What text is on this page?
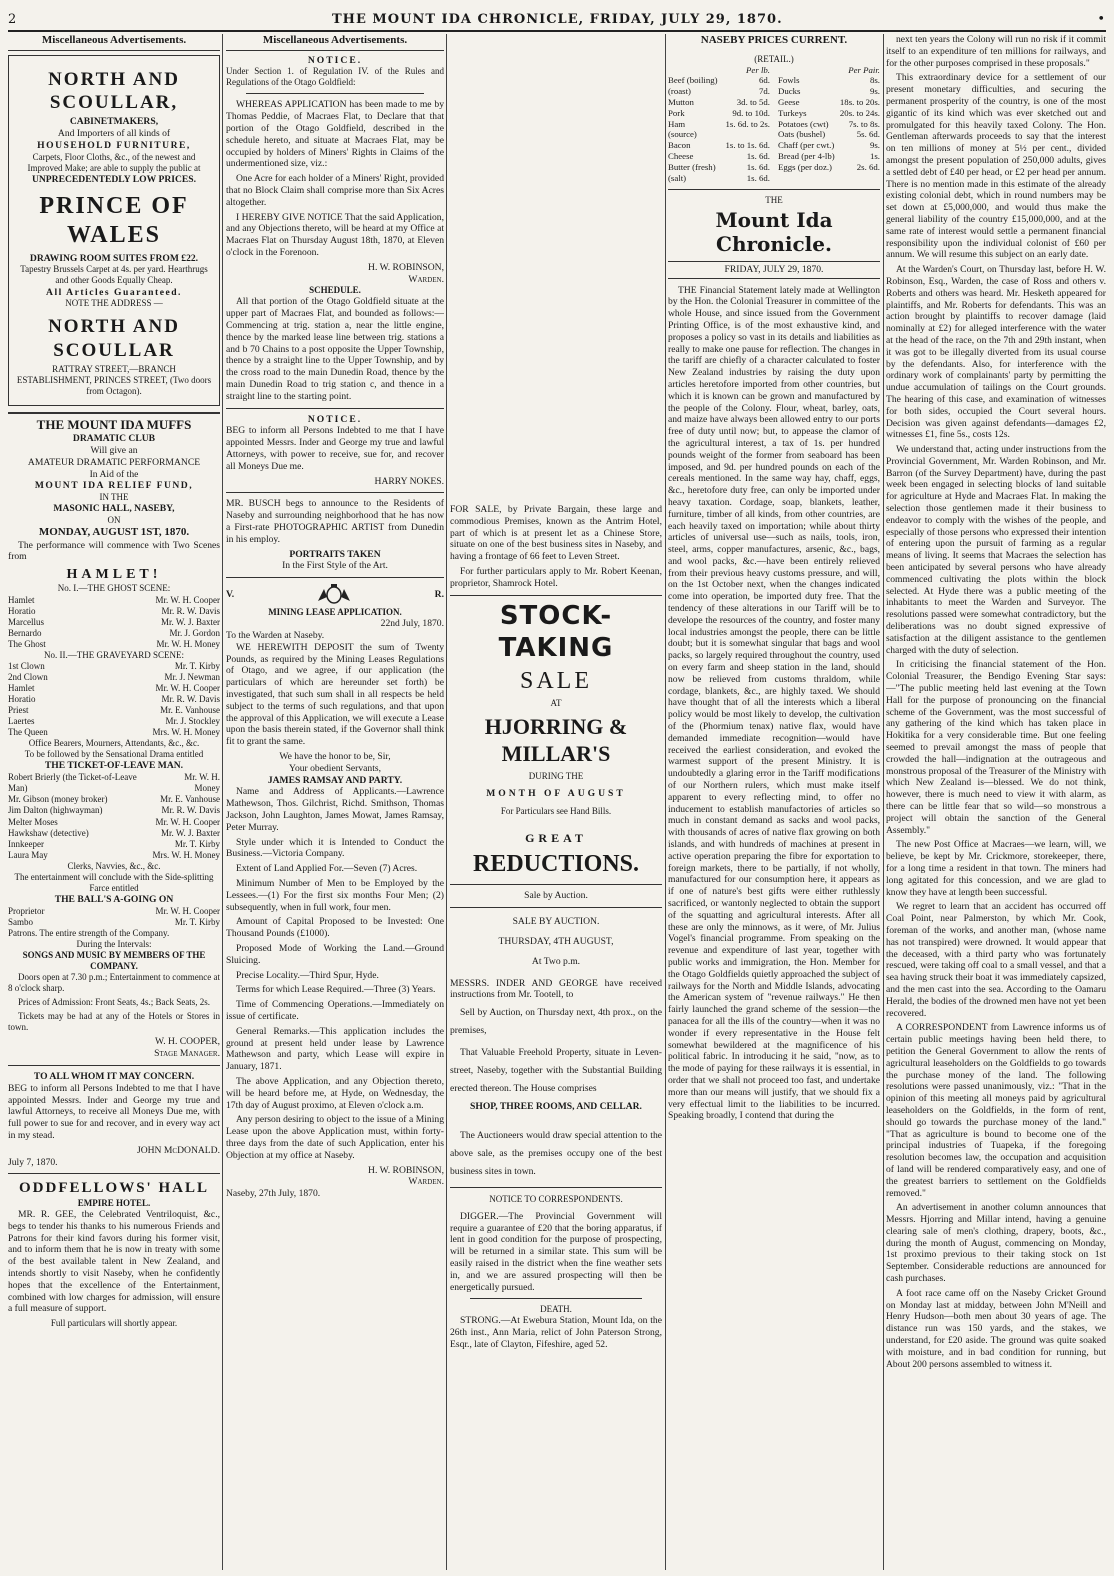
2	THE MOUNT IDA CHRONICLE, FRIDAY, JULY 29, 1870.	•
Miscellaneous Advertisements.
NORTH AND SCOULLAR,
CABINETMAKERS,
And Importers of all kinds of
HOUSEHOLD FURNITURE,
Carpets, Floor Cloths, &c., of the newest and Improved Make; are able to supply the public at
UNPRECEDENTEDLY LOW PRICES.
PRINCE OF WALES
DRAWING ROOM SUITES FROM £22.
Tapestry Brussels Carpet at 4s. per yard. Hearthrugs and other Goods Equally Cheap.
All Articles Guaranteed.
NOTE THE ADDRESS —
NORTH AND SCOULLAR
RATTRAY STREET,—BRANCH ESTABLISHMENT, PRINCES STREET, (Two doors from Octagon).
THE MOUNT IDA MUFFS
DRAMATIC CLUB
Will give an
AMATEUR DRAMATIC PERFORMANCE
In Aid of the
MOUNT IDA RELIEF FUND,
IN THE
MASONIC HALL, NASEBY,
ON
MONDAY, AUGUST 1ST, 1870.

The performance will commence with Two Scenes from

HAMLET!
No. I.—THE GHOST SCENE:
Hamlet	Mr. W. H. Cooper
Horatio	Mr. R. W. Davis
Marcellus	Mr. W. J. Baxter
Bernardo	Mr. J. Gordon
The Ghost	Mr. W. H. Money
No. II.—THE GRAVEYARD SCENE:
1st Clown	Mr. T. Kirby
2nd Clown	Mr. J. Newman
Hamlet	Mr. W. H. Cooper
Horatio	Mr. R. W. Davis
Priest	Mr. E. Vanhouse
Laertes	Mr. J. Stockley
The Queen	Mrs. W. H. Money
Office Bearers, Mourners, Attendants, &c., &c.
To be followed by the Sensational Drama entitled
THE TICKET-OF-LEAVE MAN.
Robert Brierly (the Ticket-of-Leave Man)
Mr. W. H. Money
Mr. Gibson (money broker)	Mr. E. Vanhouse
Jim Dalton (highwayman)	Mr. R. W. Davis
Melter Moses	Mr. W. H. Cooper
Hawkshaw (detective)	Mr. W. J. Baxter
Innkeeper	Mr. T. Kirby
Laura May	Mrs. W. H. Money
Clerks, Navvies, &c., &c.
The entertainment will conclude with the Side-splitting Farce entitled
THE BALL'S A-GOING ON
Proprietor	Mr. W. H. Cooper
Sambo	Mr. T. Kirby
Patrons. The entire strength of the Company.
During the Intervals:
SONGS AND MUSIC BY MEMBERS OF THE COMPANY.

Doors open at 7.30 p.m.; Entertainment to commence at 8 o'clock sharp.

Prices of Admission: Front Seats, 4s.; Back Seats, 2s.

Tickets may be had at any of the Hotels or Stores in town.

W. H. COOPER,
Stage Manager.
TO ALL WHOM IT MAY CONCERN.

BEG to inform all Persons Indebted to me that I have appointed Messrs. Inder and George my true and lawful Attorneys, to receive all Moneys Due me, with full power to sue for and recover, and in every way act in my stead.

JOHN McDONALD.
July 7, 1870.
ODDFELLOWS' HALL
EMPIRE HOTEL.

MR. R. GEE, the Celebrated Ventriloquist, &c., begs to tender his thanks to his numerous Friends and Patrons for their kind favors during his former visit, and to inform them that he is now in treaty with some of the best available talent in New Zealand, and intends shortly to visit Naseby, when he confidently hopes that the excellence of the Entertainment, combined with low charges for admission, will ensure a full measure of support.

Full particulars will shortly appear.
Miscellaneous Advertisements.
NOTICE.

Under Section 1. of Regulation IV. of the Rules and Regulations of the Otago Goldfield:

WHEREAS APPLICATION has been made to me by Thomas Peddie, of Macraes Flat, to Declare that that portion of the Otago Goldfield, described in the schedule hereto, and situate at Macraes Flat, may be occupied by holders of Miners' Rights in Claims of the undermentioned size, viz.:

One Acre for each holder of a Miners' Right, provided that no Block Claim shall comprise more than Six Acres altogether.

I HEREBY GIVE NOTICE That the said Application, and any Objections thereto, will be heard at my Office at Macraes Flat on Thursday August 18th, 1870, at Eleven o'clock in the Forenoon.

H. W. ROBINSON,
Warden.
SCHEDULE.

All that portion of the Otago Goldfield situate at the upper part of Macraes Flat, and bounded as follows:—Commencing at trig. station a, near the little engine, thence by the marked lease line between trig. stations a and b 70 Chains to a post opposite the Upper Township, thence by a straight line to the Upper Township, and by the cross road to the main Dunedin Road, thence by the main Dunedin Road to trig station c, and thence in a straight line to the starting point.

NOTICE.

BEG to inform all Persons Indebted to me that I have appointed Messrs. Inder and George my true and lawful Attorneys, with power to receive, sue for, and recover all Moneys Due me.

HARRY NOKES.

MR. BUSCH begs to announce to the Residents of Naseby and surrounding neighborhood that he has now a First-rate PHOTOGRAPHIC ARTIST from Dunedin in his employ.

PORTRAITS TAKEN
In the First Style of the Art.
V.	R.
MINING LEASE APPLICATION.
22nd July, 1870.
To the Warden at Naseby.

WE HEREWITH DEPOSIT the sum of Twenty Pounds, as required by the Mining Leases Regulations of Otago, and we agree, if our application (the particulars of which are hereunder set forth) be investigated, that such sum shall in all respects be held subject to the terms of such regulations, and that upon the approval of this Application, we will execute a Lease upon the basis therein stated, if the Governor shall think fit to grant the same.

We have the honor to be, Sir,
Your obedient Servants,
JAMES RAMSAY AND PARTY.

Name and Address of Applicants.—Lawrence Mathewson, Thos. Gilchrist, Richd. Smithson, Thomas Jackson, John Laughton, James Mowat, James Ramsay, Peter Murray.

Style under which it is Intended to Conduct the Business.—Victoria Company.

Extent of Land Applied For.—Seven (7) Acres.

Minimum Number of Men to be Employed by the Lessees.—(1) For the first six months Four Men; (2) subsequently, when in full work, four men.

Amount of Capital Proposed to be Invested: One Thousand Pounds (£1000).

Proposed Mode of Working the Land.—Ground Sluicing.

Precise Locality.—Third Spur, Hyde.

Terms for which Lease Required.—Three (3) Years.

Time of Commencing Operations.—Immediately on issue of certificate.

General Remarks.—This application includes the ground at present held under lease by Lawrence Mathewson and party, which Lease will expire in January, 1871.

The above Application, and any Objection thereto, will be heard before me, at Hyde, on Wednesday, the 17th day of August proximo, at Eleven o'clock a.m.

Any person desiring to object to the issue of a Mining Lease upon the above Application must, within forty-three days from the date of such Application, enter his Objection at my office at Naseby.

H. W. ROBINSON,
Warden.
Naseby, 27th July, 1870.

FOR SALE, by Private Bargain, these large and commodious Premises, known as the Antrim Hotel, part of which is at present let as a Chinese Store, situate on one of the best business sites in Naseby, and having a frontage of 66 feet to Leven Street.

For further particulars apply to Mr. Robert Keenan, proprietor, Shamrock Hotel.

STOCK-TAKING
SALE
AT
HJORRING & MILLAR'S
DURING THE
MONTH OF AUGUST
For Particulars see Hand Bills.
GREAT
REDUCTIONS.
Sale by Auction.
SALE BY AUCTION.
THURSDAY, 4TH AUGUST,
At Two p.m.

MESSRS. INDER AND GEORGE have received instructions from Mr. Tootell, to

Sell by Auction, on Thursday next, 4th prox., on the premises,

That Valuable Freehold Property, situate in Leven-street, Naseby, together with the Substantial Building erected thereon. The House comprises

SHOP, THREE ROOMS, AND CELLAR.

The Auctioneers would draw special attention to the above sale, as the premises occupy one of the best business sites in town.

NOTICE TO CORRESPONDENTS.

DIGGER.—The Provincial Government will require a guarantee of £20 that the boring apparatus, if lent in good condition for the purpose of prospecting, will be returned in a similar state. This sum will be easily raised in the district when the fine weather sets in, and we are assured prospecting will then be energetically pursued.

DEATH.

STRONG.—At Ewebura Station, Mount Ida, on the 26th inst., Ann Maria, relict of John Paterson Strong, Esqr., late of Clayton, Fifeshire, aged 52.

NASEBY PRICES CURRENT.
(RETAIL.)
Per lb.
Beef (boiling)	6d.
(roast)	7d.
Mutton	3d. to 5d.
Pork	9d. to 10d.
Ham	1s. 6d. to 2s.
(source)
Bacon	1s. to 1s. 6d.
Cheese	1s. 6d.
Butter (fresh)	1s. 6d.
(salt)	1s. 6d.
Per Pair.
Fowls	8s.
Ducks	9s.
Geese	18s. to 20s.
Turkeys	20s. to 24s.
Potatoes (cwt) 7s. to 8s.
Oats (bushel)	5s. 6d.
Chaff (per cwt.)	9s.
Bread (per 4-lb)	1s.
Eggs (per doz.)	2s. 6d.
THE
Mount Ida Chronicle.
FRIDAY, JULY 29, 1870.

THE Financial Statement lately made at Wellington by the Hon. the Colonial Treasurer in committee of the whole House, and since issued from the Government Printing Office, is of the most exhaustive kind, and proposes a policy so vast in its details and liabilities as really to make one pause for reflection. The changes in the tariff are chiefly of a character calculated to foster New Zealand industries by raising the duty upon articles heretofore imported from other countries, but which it is known can be grown and manufactured by the people of the Colony. Flour, wheat, barley, oats, and maize have always been allowed entry to our ports free of duty until now; but, to appease the clamor of the agricultural interest, a tax of 1s. per hundred pounds weight of the former from seaboard has been imposed, and 9d. per hundred pounds on each of the cereals mentioned. In the same way hay, chaff, eggs, &c., heretofore duty free, can only be imported under heavy taxation. Cordage, soap, blankets, leather, furniture, timber of all kinds, from other countries, are each heavily taxed on importation; while about thirty articles of universal use—such as nails, tools, iron, steel, arms, copper manufactures, arsenic, &c., bags, and wool packs, &c.—have been entirely relieved from their previous heavy customs pressure, and will, on the 1st October next, when the changes indicated come into operation, be imported duty free. That the tendency of these alterations in our Tariff will be to develope the resources of the country, and foster many local industries amongst the people, there can be little doubt; but it is somewhat singular that bags and wool packs, so largely required throughout the country, used on every farm and sheep station in the land, should now be relieved from customs thraldom, while cordage, blankets, &c., are highly taxed. We should have thought that of all the interests which a liberal policy would be most likely to develop, the cultivation of the (Phormium tenax) native flax, would have demanded immediate recognition—would have received the earliest consideration, and evoked the warmest support of the present Ministry. It is undoubtedly a glaring error in the Tariff modifications of our Northern rulers, which must make itself apparent to every reflecting mind, to offer no inducement to establish manufactories of articles so much in constant demand as sacks and wool packs, with thousands of acres of native flax growing on both islands, and with hundreds of machines at present in active operation preparing the fibre for exportation to foreign markets, there to be partially, if not wholly, manufactured for our consumption here, it appears as if one of nature's best gifts were either ruthlessly sacrificed, or wantonly neglected to obtain the support of the squatting and agricultural interests. After all these are only the minnows, as it were, of Mr. Julius Vogel's financial programme. From speaking on the revenue and expenditure of last year, together with public works and immigration, the Hon. Member for the Otago Goldfields quietly approached the subject of railways for the North and Middle Islands, advocating the American system of "revenue railways." He then fairly launched the grand scheme of the session—the panacea for all the ills of the country—when it was no wonder if every representative in the House felt somewhat bewildered at the magnificence of his political fabric. In introducing it he said, "now, as to the mode of paying for these railways it is essential, in order that we shall not proceed too fast, and undertake more than our means will justify, that we should fix a very effectual limit to the liabilities to be incurred. Speaking broadly, I contend that during the

next ten years the Colony will run no risk if it commit itself to an expenditure of ten millions for railways, and for the other purposes comprised in these proposals."

This extraordinary device for a settlement of our present monetary difficulties, and securing the permanent prosperity of the country, is one of the most gigantic of its kind which was ever sketched out and promulgated for this heavily taxed Colony. The Hon. Gentleman afterwards proceeds to say that the interest on ten millions of money at 5½ per cent., divided amongst the present population of 250,000 adults, gives a settled debt of £40 per head, or £2 per head per annum. There is no mention made in this estimate of the already existing colonial debt, which in round numbers may be set down at £5,000,000, and would thus make the general liability of the country £15,000,000, and at the same rate of interest would settle a permanent financial responsibility upon the individual colonist of £60 per annum. We will resume this subject on an early date.

At the Warden's Court, on Thursday last, before H. W. Robinson, Esq., Warden, the case of Ross and others v. Roberts and others was heard. Mr. Hesketh appeared for plaintiffs, and Mr. Roberts for defendants. This was an action brought by plaintiffs to recover damage (laid nominally at £2) for alleged interference with the water at the head of the race, on the 7th and 29th instant, when it was got to be illegally diverted from its usual course by the defendants. Also, for interference with the ordinary work of complainants' party by permitting the undue accumulation of tailings on the Court grounds. The hearing of this case, and examination of witnesses for both sides, occupied the Court several hours. Decision was given against defendants—damages £2, witnesses £1, fine 5s., costs 12s.

We understand that, acting under instructions from the Provincial Government, Mr. Warden Robinson, and Mr. Barron (of the Survey Department) have, during the past week been engaged in selecting blocks of land suitable for agriculture at Hyde and Macraes Flat. In making the selection those gentlemen made it their business to endeavor to comply with the wishes of the people, and especially of those persons who expressed their intention of entering upon the pursuit of farming as a regular means of living. It seems that Macraes the selection has been anticipated by several persons who have already commenced cultivating the plots within the block selected. At Hyde there was a public meeting of the inhabitants to meet the Warden and Surveyor. The resolutions passed were somewhat contradictory, but the deliberations was no doubt signed expressive of satisfaction at the diligent assistance to the gentlemen charged with the duty of selection.

In criticising the financial statement of the Hon. Colonial Treasurer, the Bendigo Evening Star says:—"The public meeting held last evening at the Town Hall for the purpose of pronouncing on the financial scheme of the Government, was the most successful of any gathering of the kind which has taken place in Hokitika for a very considerable time. But one feeling seemed to prevail amongst the mass of people that crowded the hall—indignation at the outrageous and monstrous proposal of the Treasurer of the Ministry with which New Zealand is—blessed. We do not think, however, there is much need to view it with alarm, as there can be little fear that so wild—so monstrous a project will obtain the sanction of the General Assembly."

The new Post Office at Macraes—we learn, will, we believe, be kept by Mr. Crickmore, storekeeper, there, for a long time a resident in that town. The miners had long agitated for this concession, and we are glad to know they have at length been successful.

We regret to learn that an accident has occurred off Coal Point, near Palmerston, by which Mr. Cook, foreman of the works, and another man, (whose name has not transpired) were drowned. It would appear that the deceased, with a third party who was fortunately rescued, were taking off coal to a small vessel, and that a sea having struck their boat it was immediately capsized, and the men cast into the sea. According to the Oamaru Herald, the bodies of the drowned men have not yet been recovered.

A CORRESPONDENT from Lawrence informs us of certain public meetings having been held there, to petition the General Government to allow the rents of agricultural leaseholders on the Goldfields to go towards the purchase money of the land. The following resolutions were passed unanimously, viz.: "That in the opinion of this meeting all moneys paid by agricultural leaseholders on the Goldfields, in the form of rent, should go towards the purchase money of the land." "That as agriculture is bound to become one of the principal industries of Tuapeka, if the foregoing resolution becomes law, the occupation and acquisition of land will be rendered comparatively easy, and one of the greatest barriers to settlement on the Goldfields removed."

An advertisement in another column announces that Messrs. Hjorring and Millar intend, having a genuine clearing sale of men's clothing, drapery, boots, &c., during the month of August, commencing on Monday, 1st proximo previous to their taking stock on 1st September. Considerable reductions are announced for cash purchases.

A foot race came off on the Naseby Cricket Ground on Monday last at midday, between John M'Neill and Henry Hudson—both men about 30 years of age. The distance run was 150 yards, and the stakes, we understand, for £20 aside. The ground was quite soaked with moisture, and in bad condition for running, but About 200 persons assembled to witness it.
